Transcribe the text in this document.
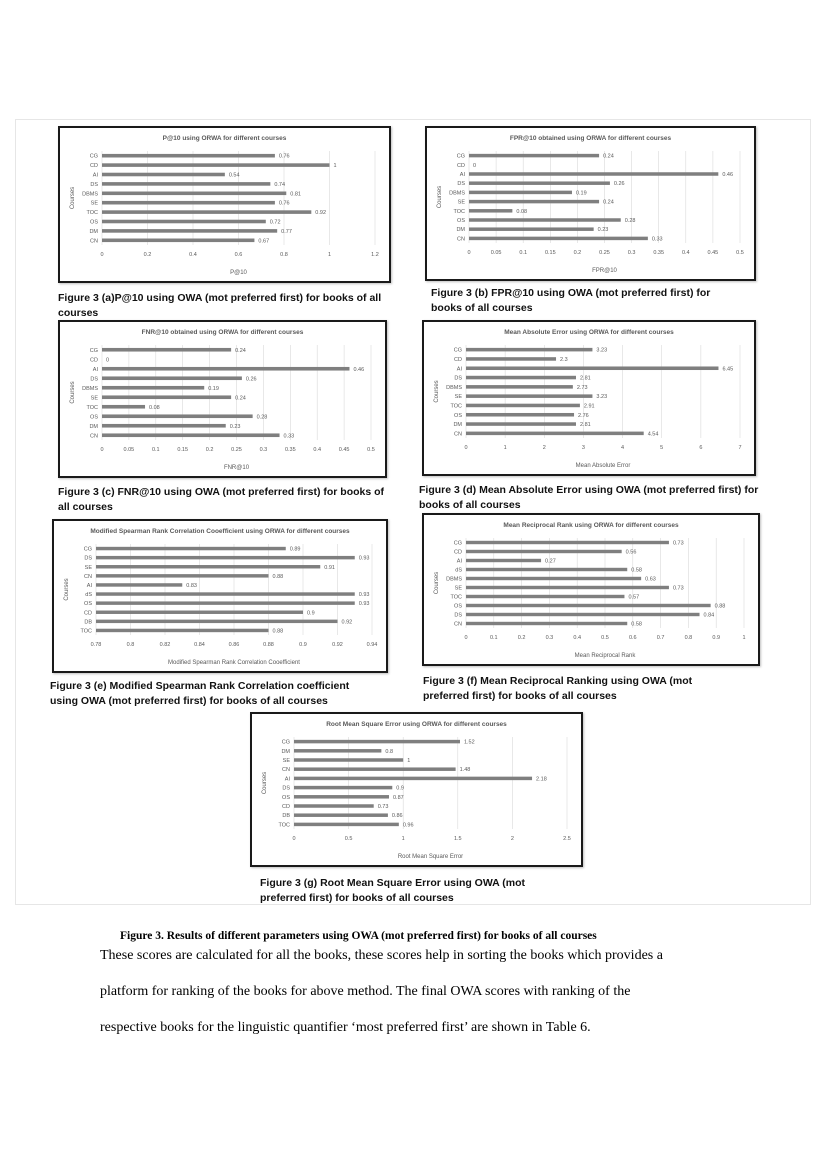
P@10 using ORWA for different courses
Courses
P@10
0	0.2	0.4	0.6	0.8	1	1.2
CG	0.76
CD	1
AI	0.54
DS	0.74
DBMS	0.81
SE	0.76
TOC	0.92
OS	0.72
DM	0.77
CN	0.67
FPR@10 obtained using ORWA for different courses
Courses
FPR@10
0	0.05	0.1	0.15	0.2	0.25	0.3	0.35	0.4	0.45	0.5
CG	0.24
CD 0
AI	0.46
DS	0.26
DBMS	0.19
SE	0.24
TOC	0.08
OS	0.28
DM	0.23
CN	0.33
FNR@10 obtained using ORWA for different courses
Courses
FNR@10
0	0.05	0.1	0.15	0.2	0.25	0.3	0.35	0.4	0.45	0.5
CG	0.24
CD 0
AI	0.46
DS	0.26
DBMS	0.19
SE	0.24
TOC	0.08
OS	0.28
DM	0.23
CN	0.33
Mean Absolute Error using ORWA for different courses
Courses
Mean Absolute Error
0	1	2	3	4	5	6	7
CG	3.23
CD	2.3
AI	6.45
DS	2.81
DBMS	2.73
SE	3.23
TOC	2.91
OS	2.76
DM	2.81
CN	4.54
Modified Spearman Rank Correlation Cooefficient using ORWA for different courses
Courses
Modified Spearman Rank Correlation Cooefficient
0.78	0.8	0.82	0.84	0.86	0.88	0.9	0.92	0.94
CG	0.89
DS	0.93
SE	0.91
CN	0.88
AI	0.83
dS	0.93
OS	0.93
CD	0.9
DB	0.92
TOC	0.88
Mean Reciprocal Rank using ORWA for different courses
Courses
Mean Reciprocal Rank
0	0.1	0.2	0.3	0.4	0.5	0.6	0.7	0.8	0.9	1
CG	0.73
CD	0.56
AI	0.27
dS	0.58
DBMS	0.63
SE	0.73
TOC	0.57
OS	0.88
DS	0.84
CN	0.58
Root Mean Square Error using ORWA for different courses
Courses
Root Mean Square Error
0	0.5	1	1.5	2	2.5
CG	1.52
DM	0.8
SE	1
CN	1.48
AI	2.18
DS	0.9
OS	0.87
CD	0.73
DB	0.86
TOC	0.96
Figure 3 (a)P@10 using OWA (mot preferred first) for books of all courses
Figure 3 (b) FPR@10 using OWA (mot preferred first) for books of all courses
Figure 3 (c) FNR@10 using OWA (mot preferred first) for books of all courses
Figure 3 (d) Mean Absolute Error using OWA (mot preferred first) for books of all courses
Figure 3 (e) Modified Spearman Rank Correlation coefficient using OWA (mot preferred first) for books of all courses
Figure 3 (f) Mean Reciprocal Ranking using OWA (mot preferred first) for books of all courses
Figure 3 (g) Root Mean Square Error using OWA (mot preferred first) for books of all courses
Figure 3. Results of different parameters using OWA (mot preferred first) for books of all courses
These scores are calculated for all the books, these scores help in sorting the books which provides a
platform for ranking of the books for above method. The final OWA scores with ranking of the
respective books for the linguistic quantifier ‘most preferred first’ are shown in Table 6.
